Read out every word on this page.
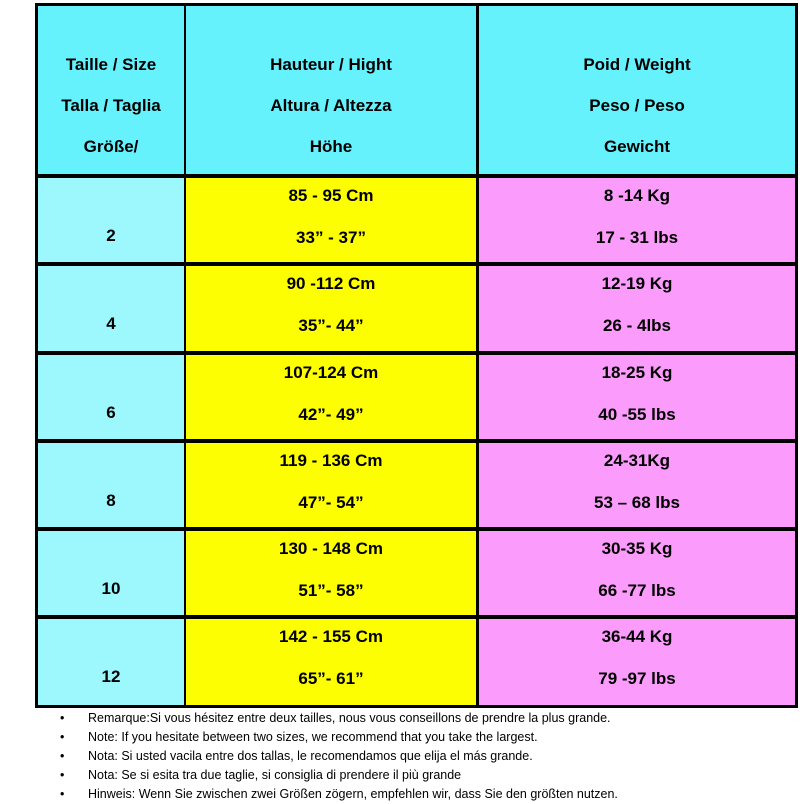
Taille / Size
Talla / Taglia
Größe/
Hauteur / Hight
Altura / Altezza
Höhe
Poid / Weight
Peso / Peso
Gewicht
2
85 - 95 Cm
33” - 37”
8 -14 Kg
17 - 31 lbs
4
90 -112 Cm
35”- 44”
12-19 Kg
26 - 4lbs
6
107-124 Cm
42”- 49”
18-25 Kg
40 -55 lbs
8
119 - 136 Cm
47”- 54”
24-31Kg
53 – 68 lbs
10
130 - 148 Cm
51”- 58”
30-35 Kg
66 -77 lbs
12
142 - 155 Cm
65”- 61”
36-44 Kg
79 -97 lbs
• Remarque:Si vous hésitez entre deux tailles, nous vous conseillons de prendre la plus grande.
• Note: If you hesitate between two sizes, we recommend that you take the largest.
• Nota: Si usted vacila entre dos tallas, le recomendamos que elija el más grande.
• Nota: Se si esita tra due taglie, si consiglia di prendere il più grande
• Hinweis: Wenn Sie zwischen zwei Größen zögern, empfehlen wir, dass Sie den größten nutzen.
